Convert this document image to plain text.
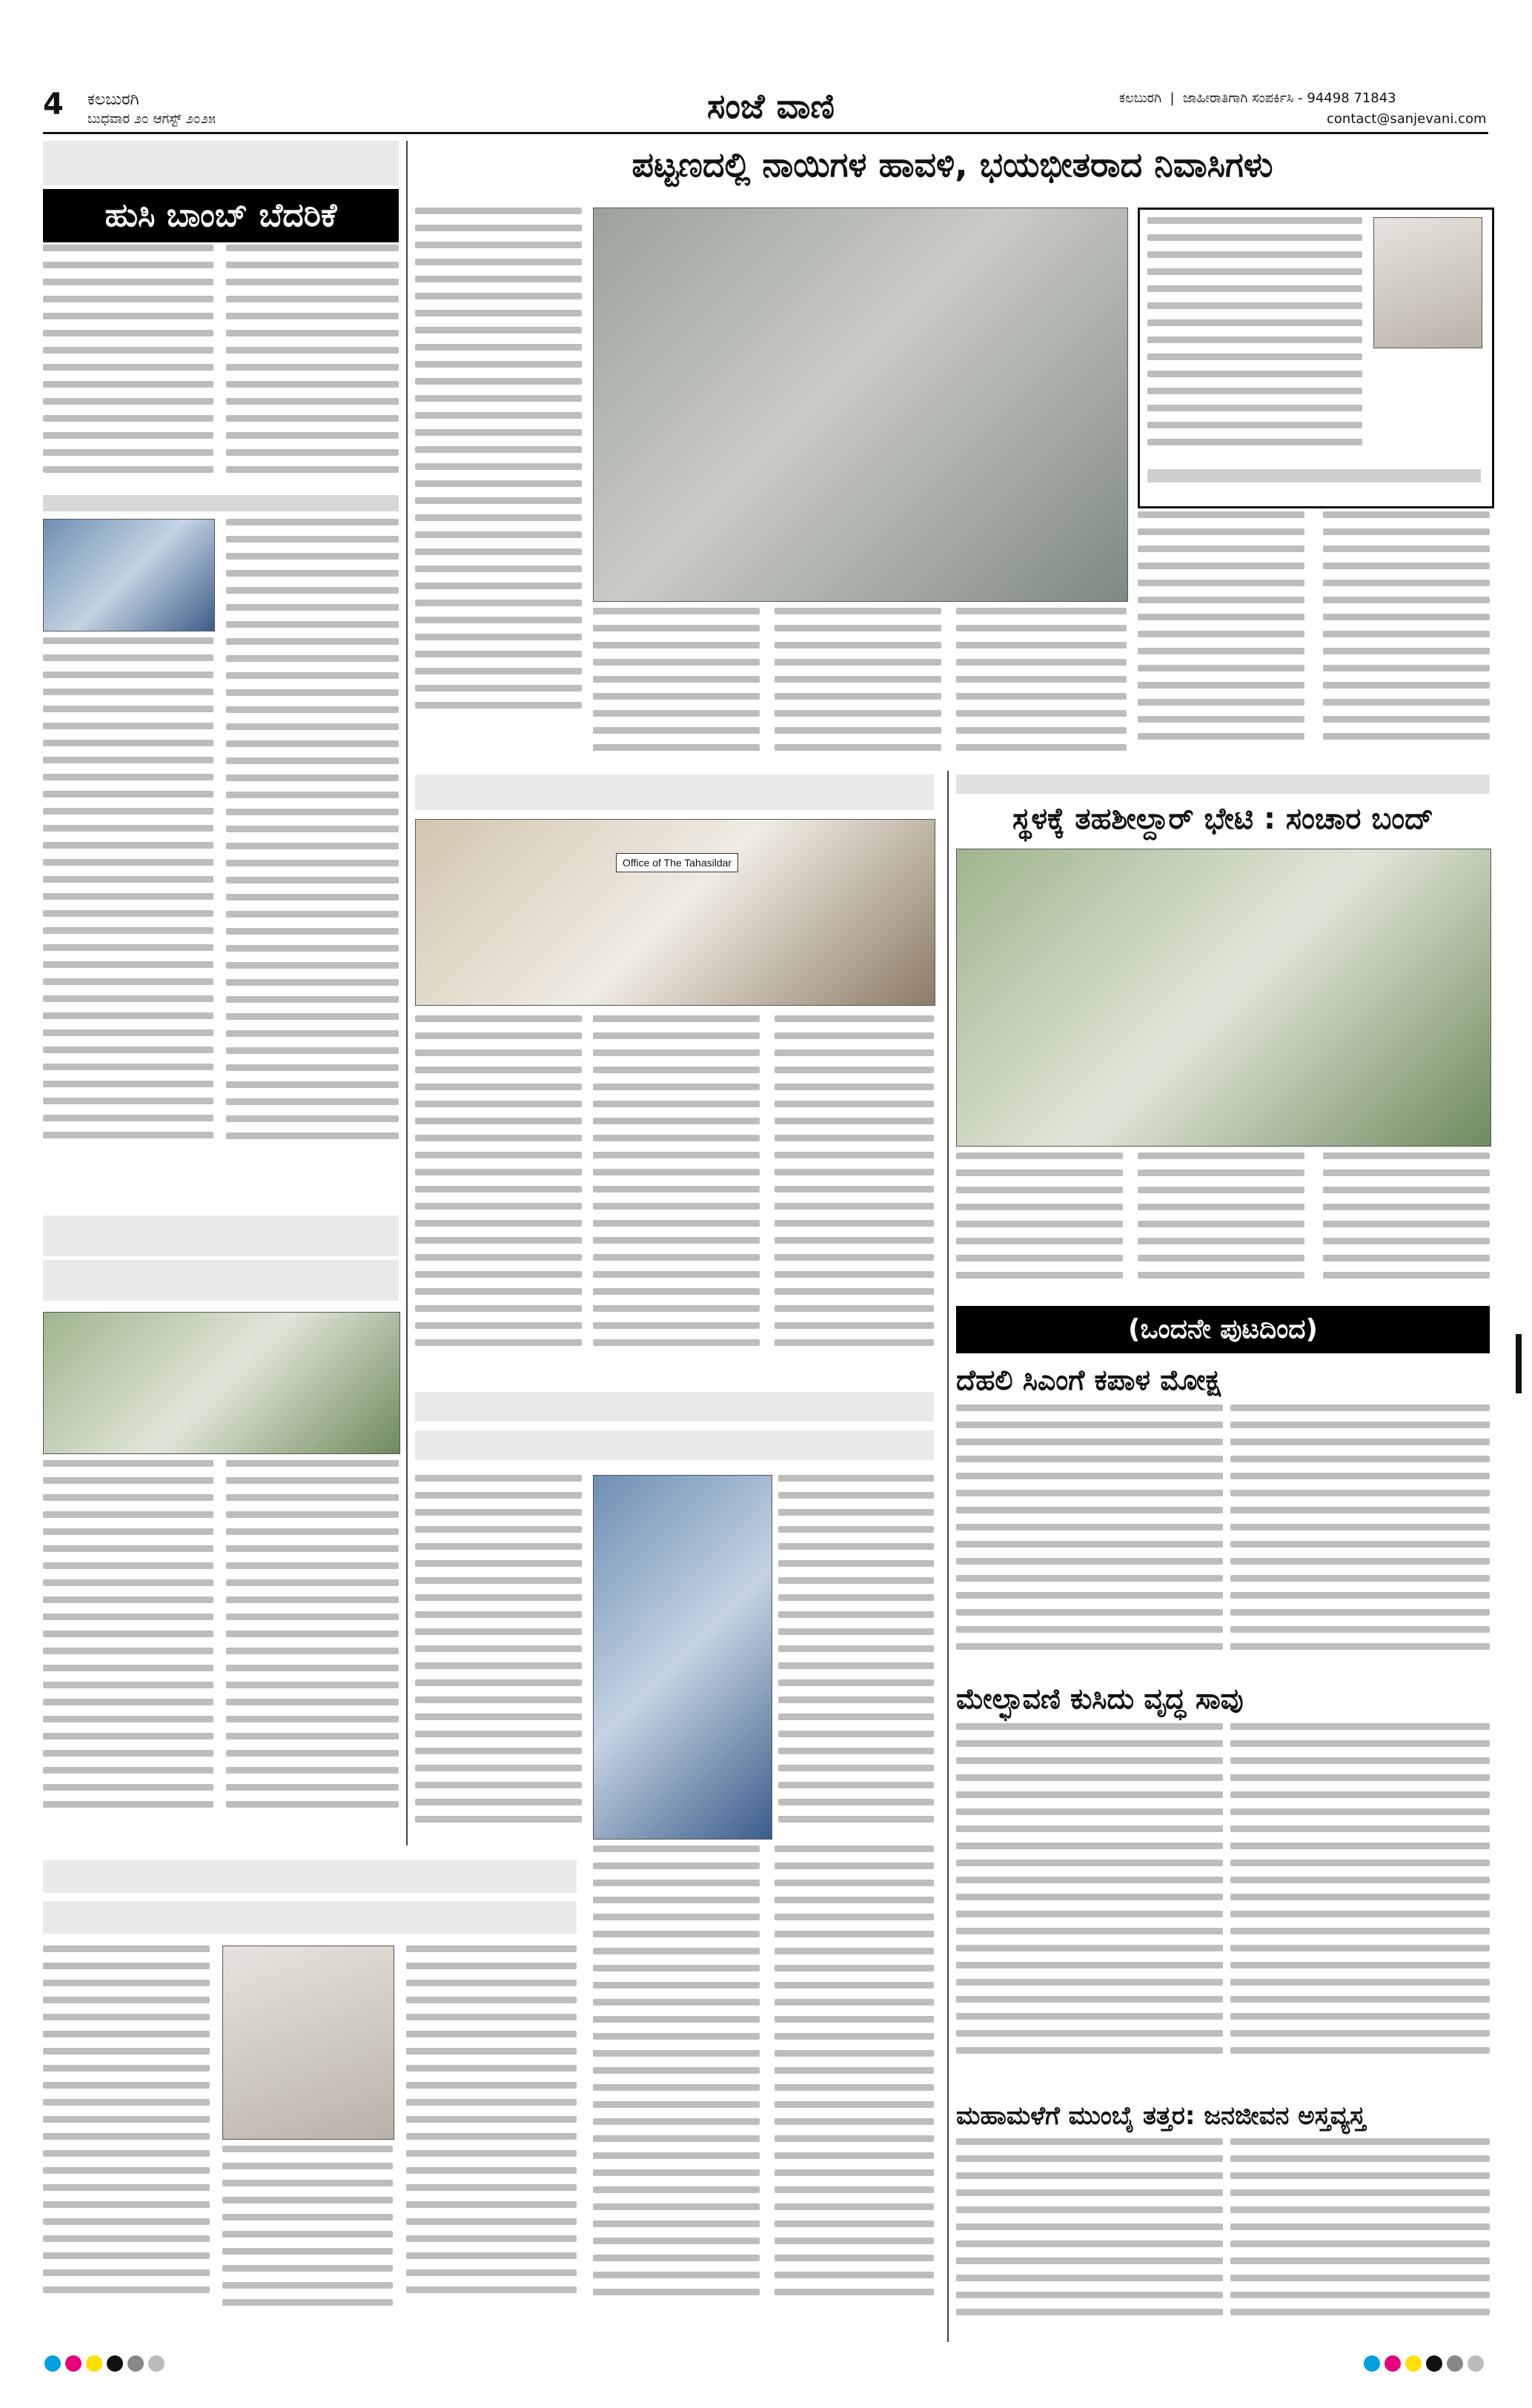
4 ಕಲಬುರಗಿ
ಬುಧವಾರ ೨೦ ಆಗಸ್ಟ್ ೨೦೨೫	ಸಂಜೆ ವಾಣಿ	ಕಲಬುರಗಿ  |  ಜಾಹೀರಾತಿಗಾಗಿ ಸಂಪರ್ಕಿಸಿ - 94498 71843
contact@sanjevani.com
ಹುಸಿ ಬಾಂಬ್ ಬೆದರಿಕೆ
ಪಟ್ಟಣದಲ್ಲಿ ನಾಯಿಗಳ ಹಾವಳಿ, ಭಯಭೀತರಾದ ನಿವಾಸಿಗಳು
Office of The Tahasildar
ಸ್ಥಳಕ್ಕೆ ತಹಶೀಲ್ದಾರ್ ಭೇಟಿ : ಸಂಚಾರ ಬಂದ್
(ಒಂದನೇ ಪುಟದಿಂದ)
ದೆಹಲಿ ಸಿಎಂಗೆ ಕಪಾಳ ಮೋಕ್ಷ
ಮೇಲ್ಛಾವಣಿ ಕುಸಿದು ವೃದ್ಧ ಸಾವು
ಮಹಾಮಳೆಗೆ ಮುಂಬೈ ತತ್ತರ: ಜನಜೀವನ ಅಸ್ತವ್ಯಸ್ತ
